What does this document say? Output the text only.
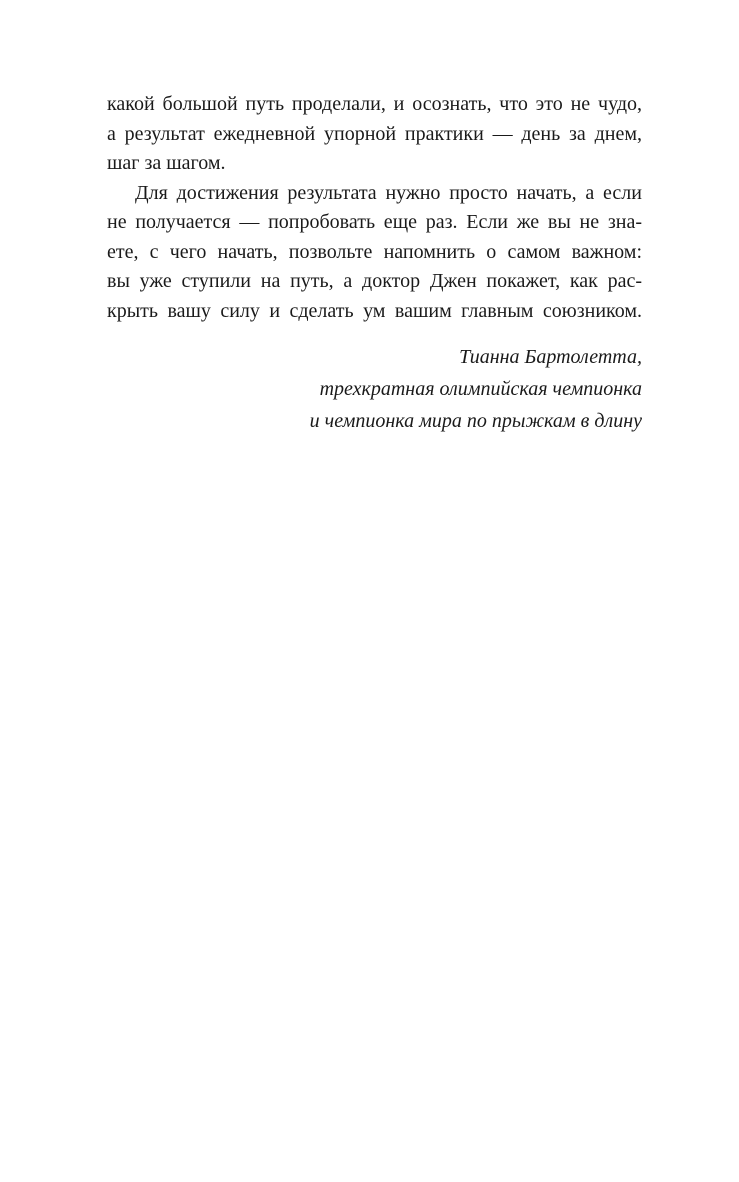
какой большой путь проделали, и осознать, что это не чудо,
а результат ежедневной упорной практики — день за днем,
шаг за шагом.
Для достижения результата нужно просто начать, а если
не получается — попробовать еще раз. Если же вы не зна-
ете, с чего начать, позвольте напомнить о самом важном:
вы уже ступили на путь, а доктор Джен покажет, как рас-
крыть вашу силу и сделать ум вашим главным союзником.
Тианна Бартолетта,
трехкратная олимпийская чемпионка
и чемпионка мира по прыжкам в длину
